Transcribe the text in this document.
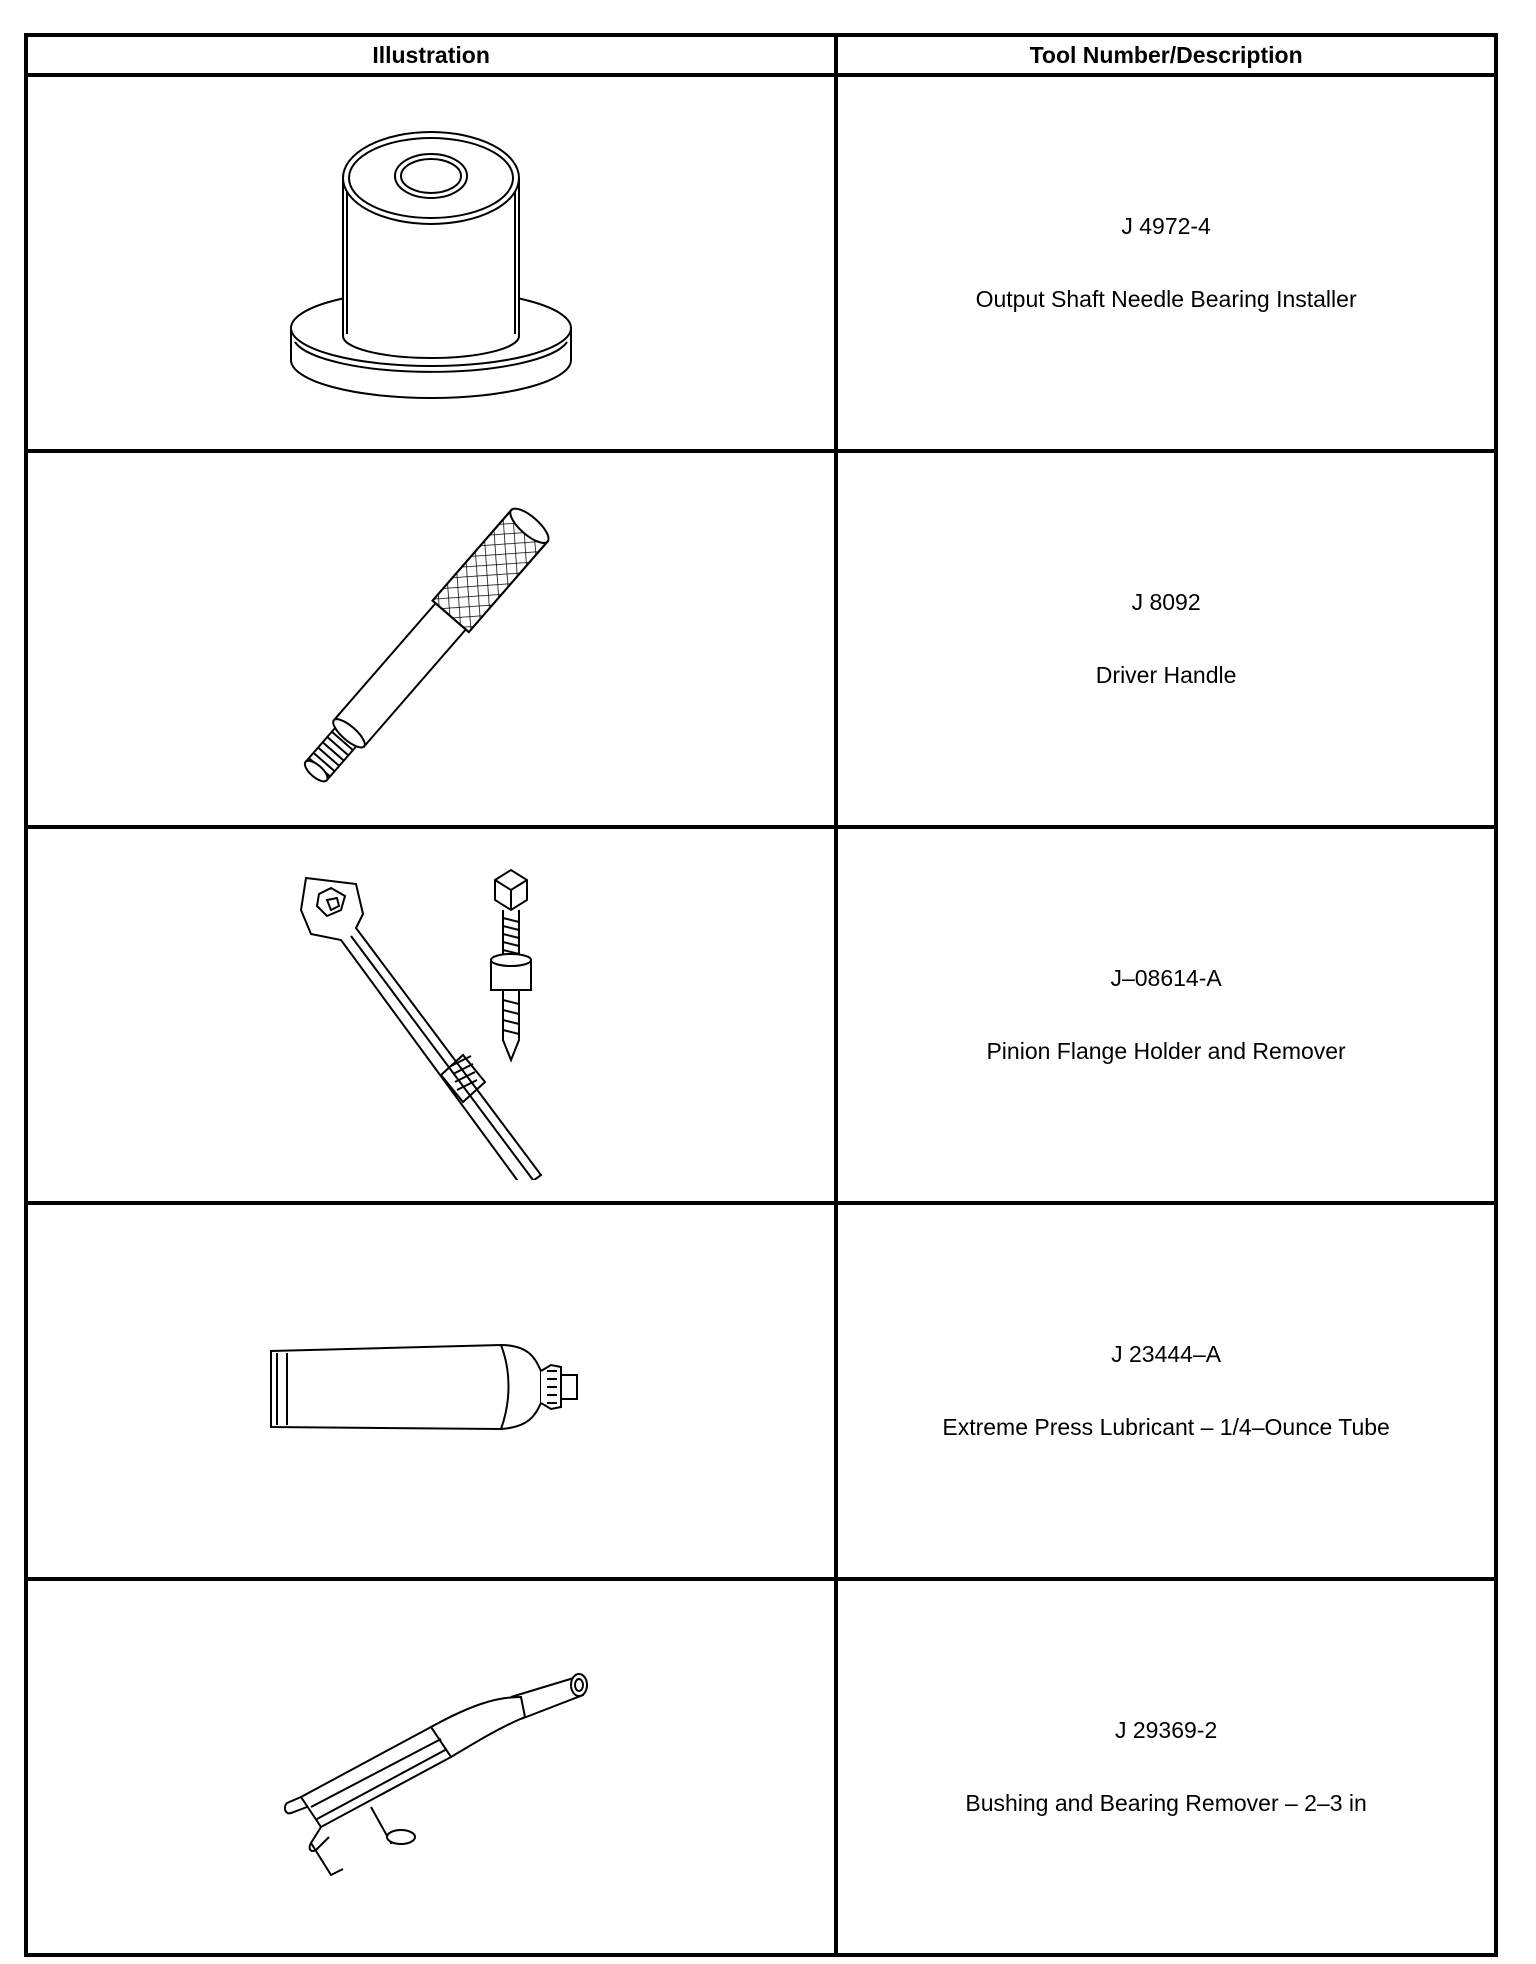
Illustration	Tool Number/Description

J 4972-4
Output Shaft Needle Bearing Installer

J 8092
Driver Handle

J–08614-A
Pinion Flange Holder and Remover

J 23444–A
Extreme Press Lubricant – 1/4–Ounce Tube

J 29369-2
Bushing and Bearing Remover – 2–3 in
